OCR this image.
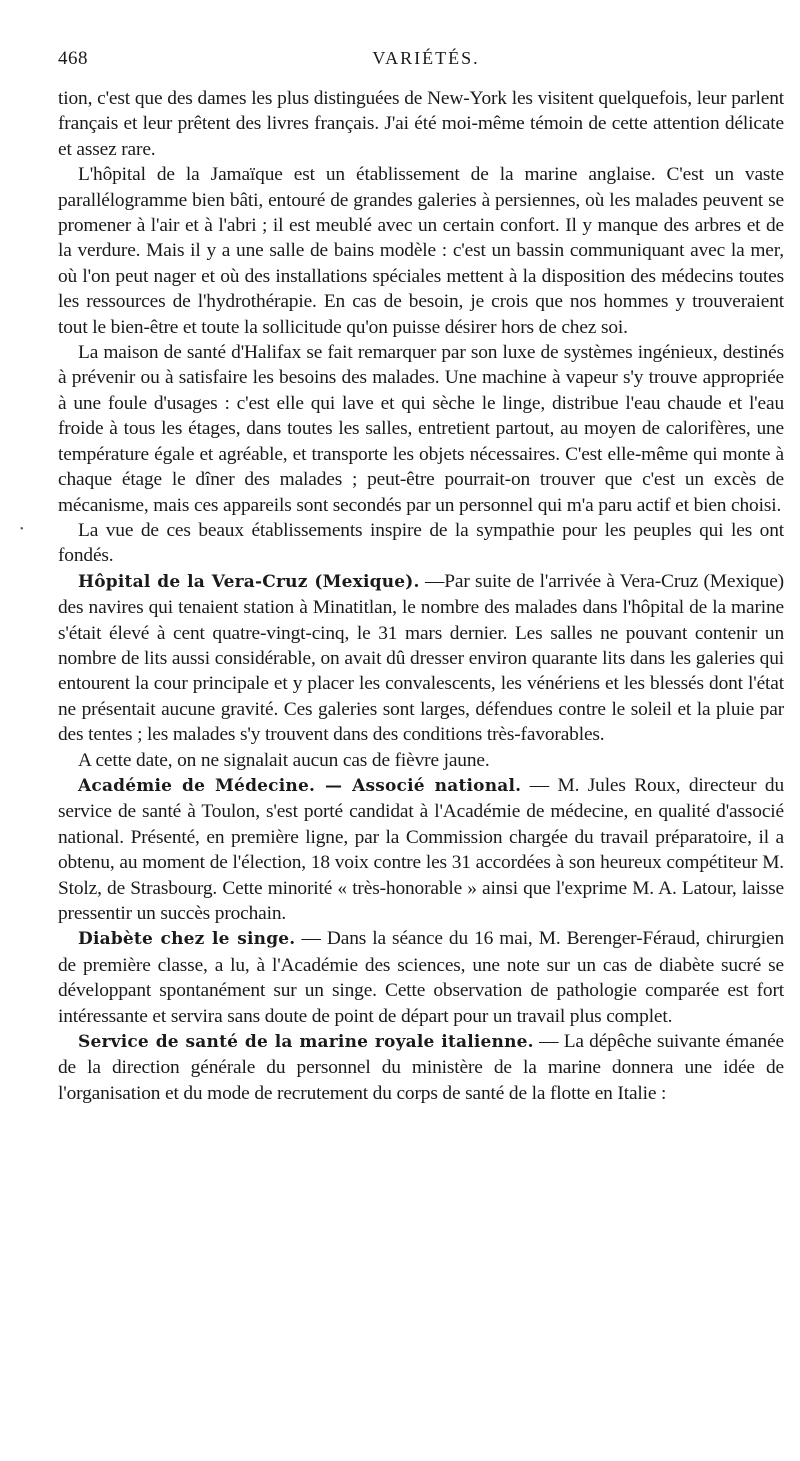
468	VARIÉTÉS.
•

tion, c'est que des dames les plus distinguées de New-York les visitent quelquefois, leur parlent français et leur prêtent des livres français. J'ai été moi-même témoin de cette attention délicate et assez rare.

L'hôpital de la Jamaïque est un établissement de la marine anglaise. C'est un vaste parallélogramme bien bâti, entouré de grandes galeries à persiennes, où les malades peuvent se promener à l'air et à l'abri ; il est meublé avec un certain confort. Il y manque des arbres et de la verdure. Mais il y a une salle de bains modèle : c'est un bassin communiquant avec la mer, où l'on peut nager et où des installations spéciales mettent à la disposition des médecins toutes les ressources de l'hydrothérapie. En cas de besoin, je crois que nos hommes y trouveraient tout le bien-être et toute la sollicitude qu'on puisse désirer hors de chez soi.

La maison de santé d'Halifax se fait remarquer par son luxe de systèmes ingénieux, destinés à prévenir ou à satisfaire les besoins des malades. Une machine à vapeur s'y trouve appropriée à une foule d'usages : c'est elle qui lave et qui sèche le linge, distribue l'eau chaude et l'eau froide à tous les étages, dans toutes les salles, entretient partout, au moyen de calorifères, une température égale et agréable, et transporte les objets nécessaires. C'est elle-même qui monte à chaque étage le dîner des malades ; peut-être pourrait-on trouver que c'est un excès de mécanisme, mais ces appareils sont secondés par un personnel qui m'a paru actif et bien choisi.

La vue de ces beaux établissements inspire de la sympathie pour les peuples qui les ont fondés.

Hôpital de la Vera-Cruz (Mexique). —Par suite de l'arrivée à Vera-Cruz (Mexique) des navires qui tenaient station à Minatitlan, le nombre des malades dans l'hôpital de la marine s'était élevé à cent quatre-vingt-cinq, le 31 mars dernier. Les salles ne pouvant contenir un nombre de lits aussi considérable, on avait dû dresser environ quarante lits dans les galeries qui entourent la cour principale et y placer les convalescents, les vénériens et les blessés dont l'état ne présentait aucune gravité. Ces galeries sont larges, défendues contre le soleil et la pluie par des tentes ; les malades s'y trouvent dans des conditions très-favorables.

A cette date, on ne signalait aucun cas de fièvre jaune.

Académie de Médecine. — Associé national. — M. Jules Roux, directeur du service de santé à Toulon, s'est porté candidat à l'Académie de médecine, en qualité d'associé national. Présenté, en première ligne, par la Commission chargée du travail préparatoire, il a obtenu, au moment de l'élection, 18 voix contre les 31 accordées à son heureux compétiteur M. Stolz, de Strasbourg. Cette minorité « très-honorable » ainsi que l'exprime M. A. Latour, laisse pressentir un succès prochain.

Diabète chez le singe. — Dans la séance du 16 mai, M. Berenger-Féraud, chirurgien de première classe, a lu, à l'Académie des sciences, une note sur un cas de diabète sucré se développant spontanément sur un singe. Cette observation de pathologie comparée est fort intéressante et servira sans doute de point de départ pour un travail plus complet.

Service de santé de la marine royale italienne. — La dépêche suivante émanée de la direction générale du personnel du ministère de la marine donnera une idée de l'organisation et du mode de recrutement du corps de santé de la flotte en Italie :
